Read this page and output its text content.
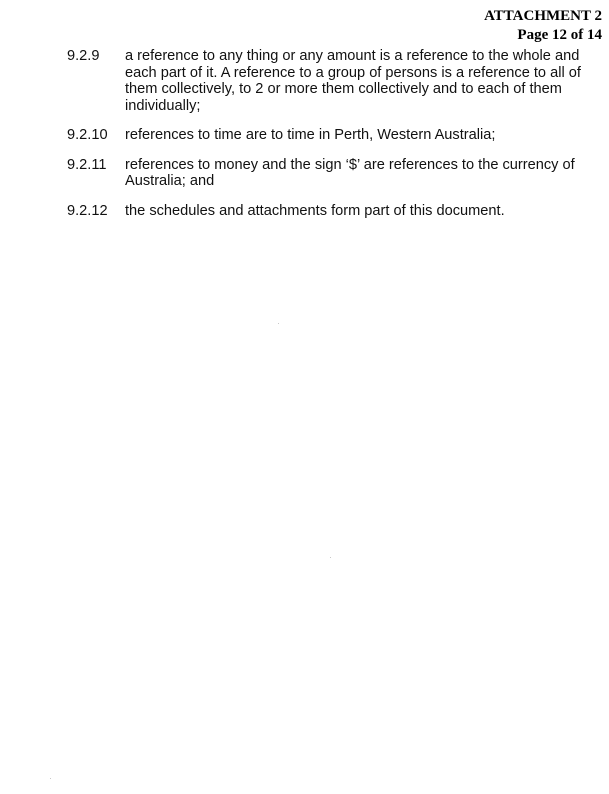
ATTACHMENT 2
Page 12 of 14
9.2.9 a reference to any thing or any amount is a reference to the whole and each part of it. A reference to a group of persons is a reference to all of them collectively, to 2 or more them collectively and to each of them individually;
9.2.10 references to time are to time in Perth, Western Australia;
9.2.11 references to money and the sign ‘$’ are references to the currency of Australia; and
9.2.12 the schedules and attachments form part of this document.
